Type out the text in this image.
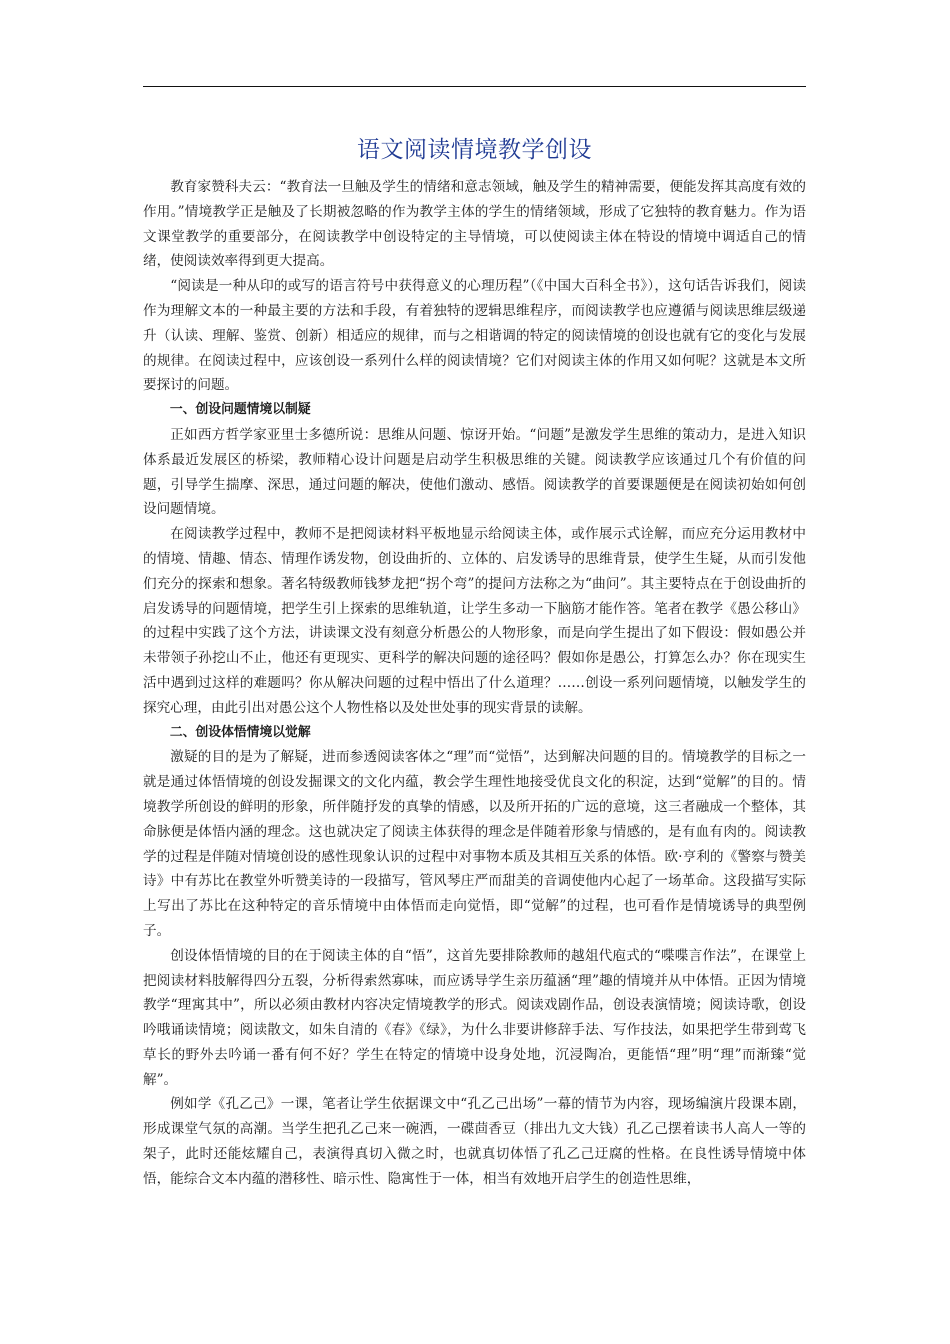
语文阅读情境教学创设

教育家赞科夫云：“教育法一旦触及学生的情绪和意志领域，触及学生的精神需要，便能发挥其高度有效的作用。”情境教学正是触及了长期被忽略的作为教学主体的学生的情绪领域，形成了它独特的教育魅力。作为语文课堂教学的重要部分，在阅读教学中创设特定的主导情境，可以使阅读主体在特设的情境中调适自己的情绪，使阅读效率得到更大提高。

“阅读是一种从印的或写的语言符号中获得意义的心理历程”（《中国大百科全书》），这句话告诉我们，阅读作为理解文本的一种最主要的方法和手段，有着独特的逻辑思维程序，而阅读教学也应遵循与阅读思维层级递升（认读、理解、鉴赏、创新）相适应的规律，而与之相谐调的特定的阅读情境的创设也就有它的变化与发展的规律。在阅读过程中，应该创设一系列什么样的阅读情境？它们对阅读主体的作用又如何呢？这就是本文所要探讨的问题。

一、创设问题情境以制疑

正如西方哲学家亚里士多德所说：思维从问题、惊讶开始。“问题”是激发学生思维的策动力，是进入知识体系最近发展区的桥梁，教师精心设计问题是启动学生积极思维的关键。阅读教学应该通过几个有价值的问题，引导学生揣摩、深思，通过问题的解决，使他们激动、感悟。阅读教学的首要课题便是在阅读初始如何创设问题情境。

在阅读教学过程中，教师不是把阅读材料平板地显示给阅读主体，或作展示式诠解，而应充分运用教材中的情境、情趣、情态、情理作诱发物，创设曲折的、立体的、启发诱导的思维背景，使学生生疑，从而引发他们充分的探索和想象。著名特级教师钱梦龙把“拐个弯”的提问方法称之为“曲问”。其主要特点在于创设曲折的启发诱导的问题情境，把学生引上探索的思维轨道，让学生多动一下脑筋才能作答。笔者在教学《愚公移山》的过程中实践了这个方法，讲读课文没有刻意分析愚公的人物形象，而是向学生提出了如下假设：假如愚公并未带领子孙挖山不止，他还有更现实、更科学的解决问题的途径吗？假如你是愚公，打算怎么办？你在现实生活中遇到过这样的难题吗？你从解决问题的过程中悟出了什么道理？……创设一系列问题情境，以触发学生的探究心理，由此引出对愚公这个人物性格以及处世处事的现实背景的读解。

二、创设体悟情境以觉解

激疑的目的是为了解疑，进而参透阅读客体之“理”而“觉悟”，达到解决问题的目的。情境教学的目标之一就是通过体悟情境的创设发掘课文的文化内蕴，教会学生理性地接受优良文化的积淀，达到“觉解”的目的。情境教学所创设的鲜明的形象，所伴随抒发的真挚的情感，以及所开拓的广远的意境，这三者融成一个整体，其命脉便是体悟内涵的理念。这也就决定了阅读主体获得的理念是伴随着形象与情感的，是有血有肉的。阅读教学的过程是伴随对情境创设的感性现象认识的过程中对事物本质及其相互关系的体悟。欧·亨利的《警察与赞美诗》中有苏比在教堂外听赞美诗的一段描写，管风琴庄严而甜美的音调使他内心起了一场革命。这段描写实际上写出了苏比在这种特定的音乐情境中由体悟而走向觉悟，即“觉解”的过程，也可看作是情境诱导的典型例子。

创设体悟情境的目的在于阅读主体的自“悟”，这首先要排除教师的越俎代庖式的“喋喋言作法”，在课堂上把阅读材料肢解得四分五裂，分析得索然寡味，而应诱导学生亲历蕴涵“理”趣的情境并从中体悟。正因为情境教学“理寓其中”，所以必须由教材内容决定情境教学的形式。阅读戏剧作品，创设表演情境；阅读诗歌，创设吟哦诵读情境；阅读散文，如朱自清的《春》《绿》，为什么非要讲修辞手法、写作技法，如果把学生带到莺飞草长的野外去吟诵一番有何不好？学生在特定的情境中设身处地，沉浸陶冶，更能悟“理”明“理”而渐臻“觉解”。

例如学《孔乙己》一课，笔者让学生依据课文中“孔乙己出场”一幕的情节为内容，现场编演片段课本剧，形成课堂气氛的高潮。当学生把孔乙己来一碗洒，一碟茴香豆（排出九文大钱）孔乙己摆着读书人高人一等的架子，此时还能炫耀自己，表演得真切入微之时，也就真切体悟了孔乙己迂腐的性格。在良性诱导情境中体悟，能综合文本内蕴的潜移性、暗示性、隐寓性于一体，相当有效地开启学生的创造性思维，
